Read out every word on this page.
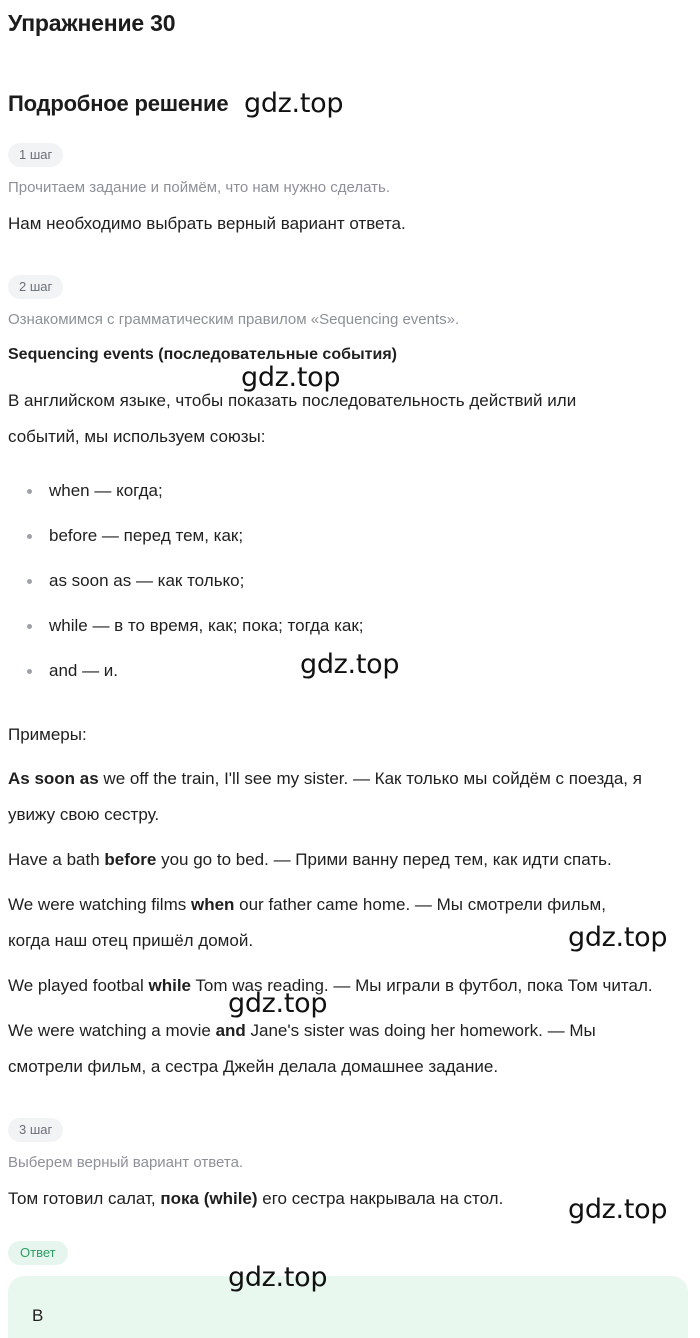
Упражнение 30
Подробное решение
1 шаг
Прочитаем задание и поймём, что нам нужно сделать.
Нам необходимо выбрать верный вариант ответа.
2 шаг
Ознакомимся с грамматическим правилом «Sequencing events».
Sequencing events (последовательные события)
В английском языке, чтобы показать последовательность действий или
событий, мы используем союзы:
when — когда;
before — перед тем, как;
as soon as — как только;
while — в то время, как; пока; тогда как;
and — и.
Примеры:
As soon as we off the train, I'll see my sister. — Как только мы сойдём с поезда, я
увижу свою сестру.
Have a bath before you go to bed. — Прими ванну перед тем, как идти спать.
We were watching films when our father came home. — Мы смотрели фильм,
когда наш отец пришёл домой.
We played footbal while Tom was reading. — Мы играли в футбол, пока Том читал.
We were watching a movie and Jane's sister was doing her homework. — Мы
смотрели фильм, а сестра Джейн делала домашнее задание.
3 шаг
Выберем верный вариант ответа.
Том готовил салат, пока (while) его сестра накрывала на стол.
Ответ
B
gdz.top
gdz.top
gdz.top
gdz.top
gdz.top
gdz.top
gdz.top
